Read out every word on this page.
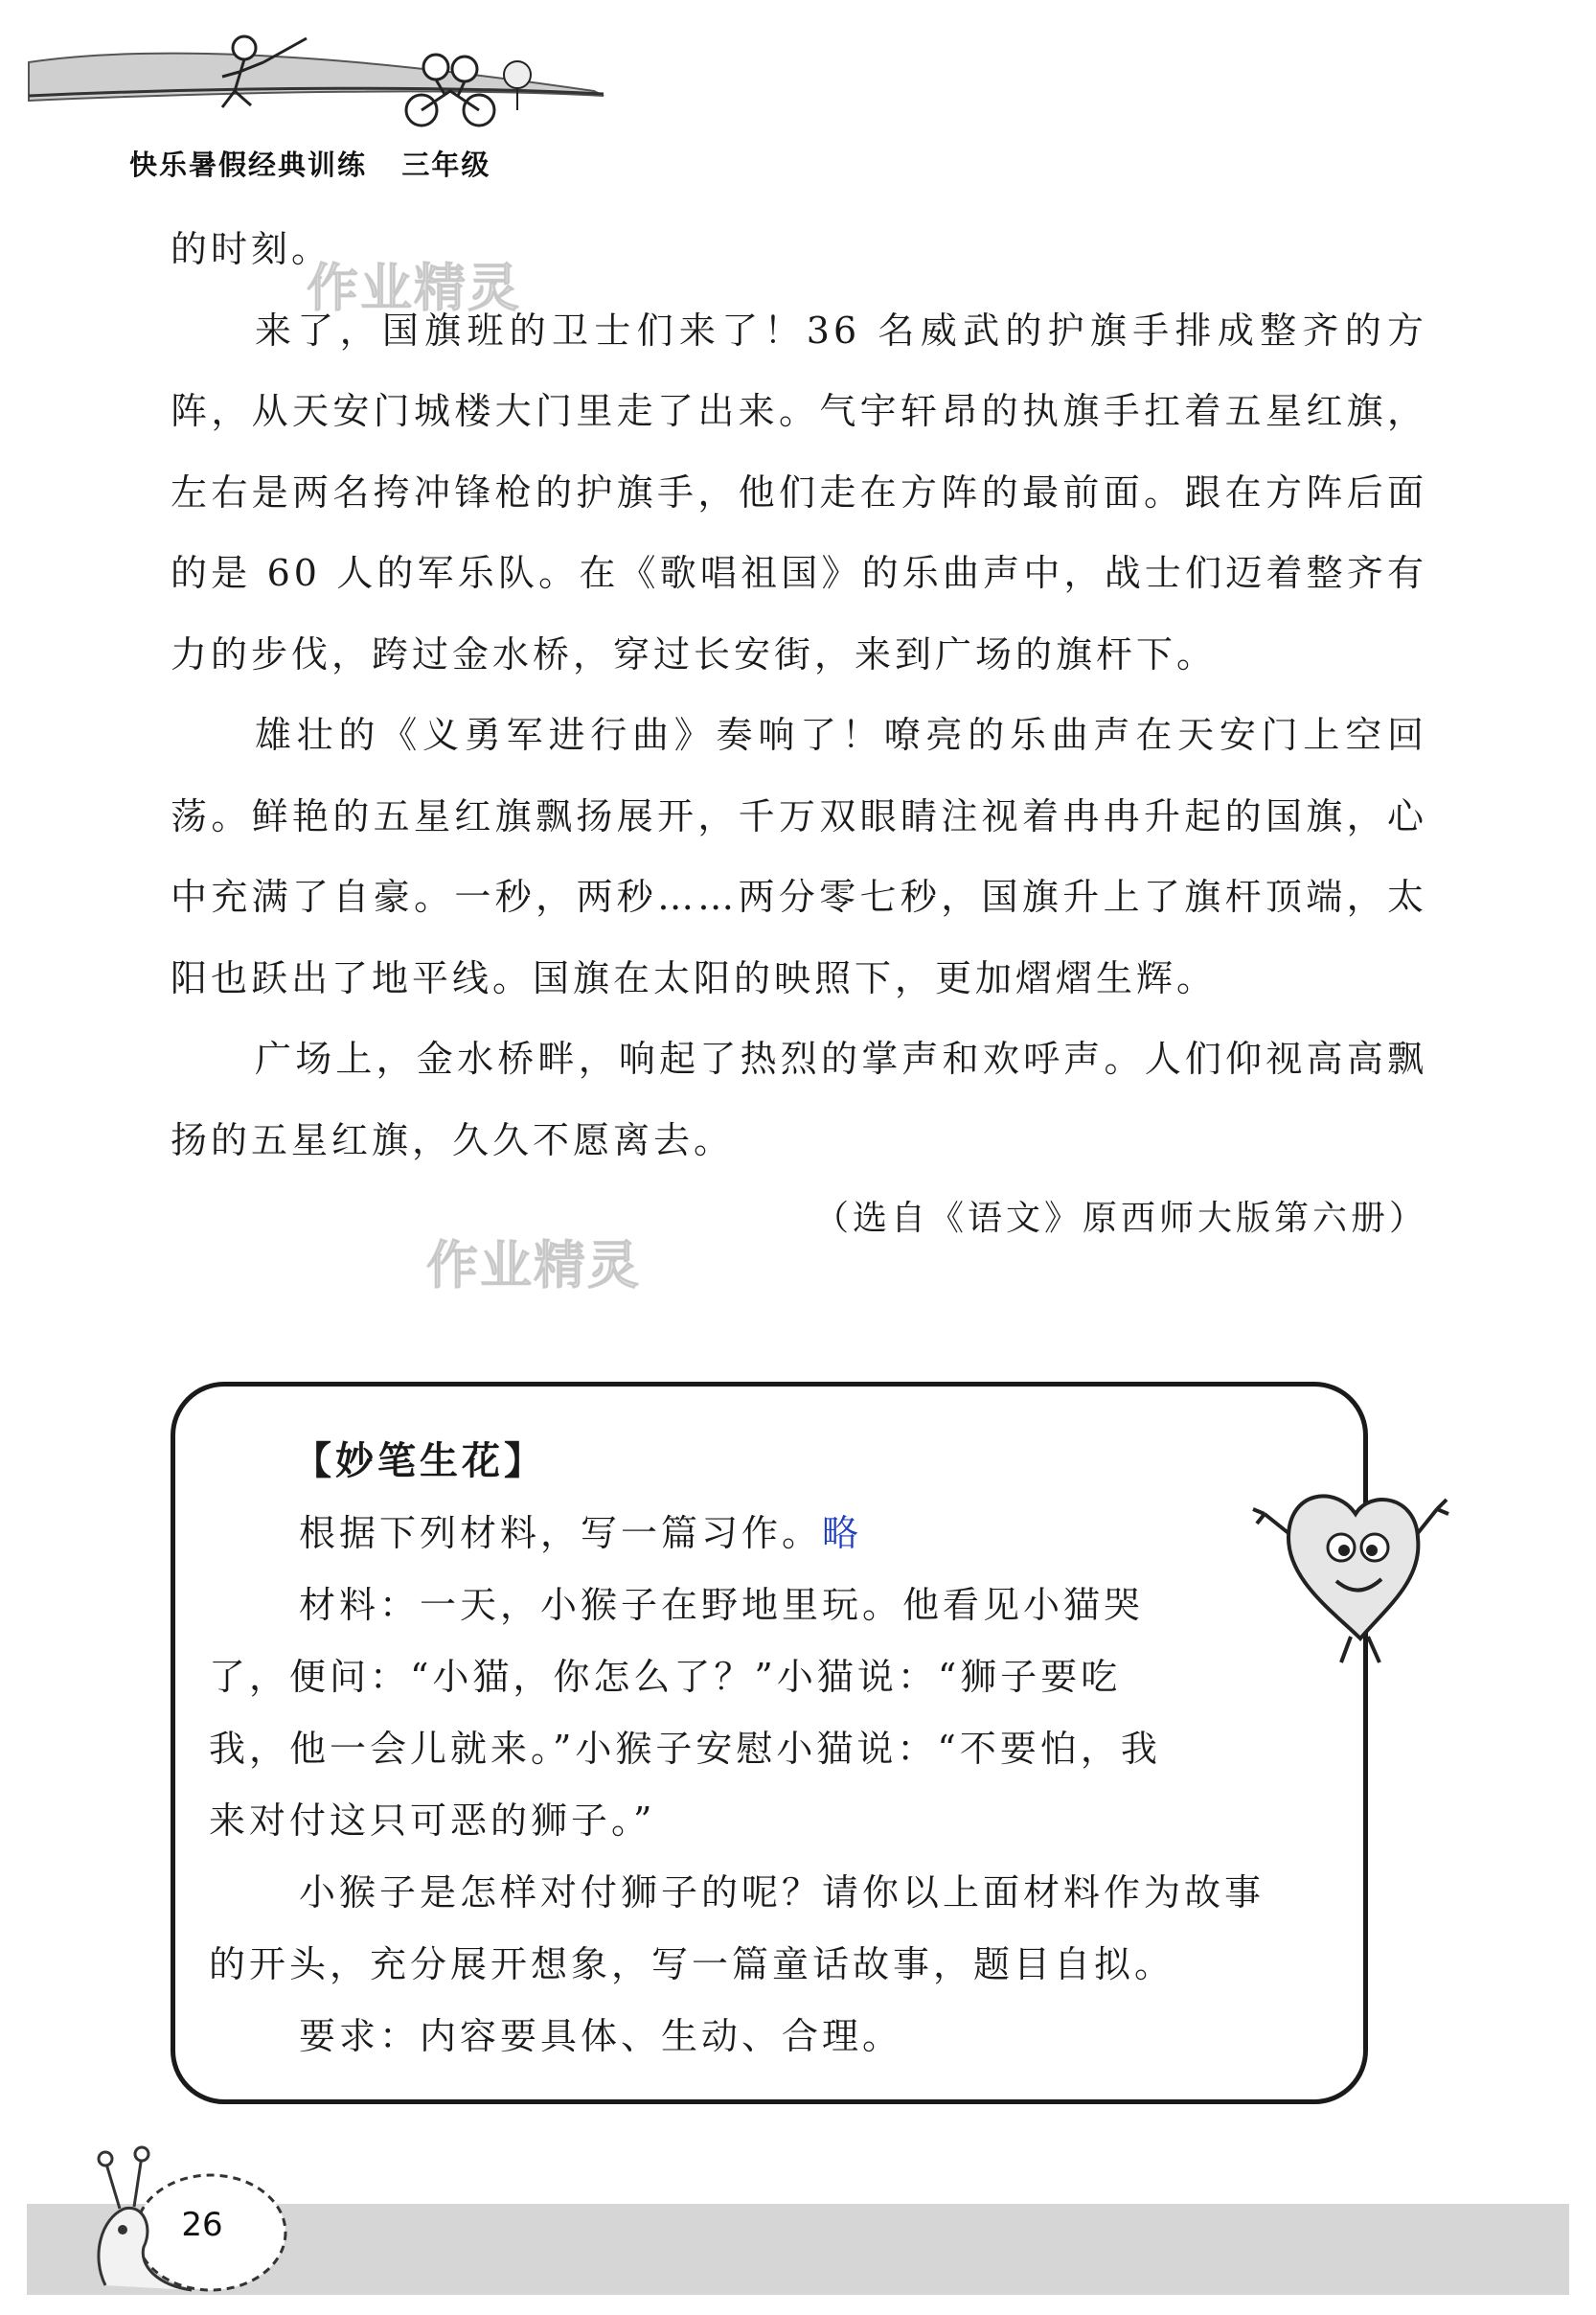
快乐暑假经典训练 三年级

的时刻。

来了，国旗班的卫士们来了！36 名威武的护旗手排成整齐的方阵，从天安门城楼大门里走了出来。气宇轩昂的执旗手扛着五星红旗，左右是两名挎冲锋枪的护旗手，他们走在方阵的最前面。跟在方阵后面的是 60 人的军乐队。在《歌唱祖国》的乐曲声中，战士们迈着整齐有力的步伐，跨过金水桥，穿过长安街，来到广场的旗杆下。

雄壮的《义勇军进行曲》奏响了！嘹亮的乐曲声在天安门上空回荡。鲜艳的五星红旗飘扬展开，千万双眼睛注视着冉冉升起的国旗，心中充满了自豪。一秒，两秒……两分零七秒，国旗升上了旗杆顶端，太阳也跃出了地平线。国旗在太阳的映照下，更加熠熠生辉。

广场上，金水桥畔，响起了热烈的掌声和欢呼声。人们仰视高高飘扬的五星红旗，久久不愿离去。

（选自《语文》原西师大版第六册）

作业精灵
作业精灵

【妙笔生花】

根据下列材料，写一篇习作。略

材料：一天，小猴子在野地里玩。他看见小猫哭了，便问：“小猫，你怎么了？”小猫说：“狮子要吃我，他一会儿就来。”小猴子安慰小猫说：“不要怕，我来对付这只可恶的狮子。”

小猴子是怎样对付狮子的呢？请你以上面材料作为故事的开头，充分展开想象，写一篇童话故事，题目自拟。

要求：内容要具体、生动、合理。

26
